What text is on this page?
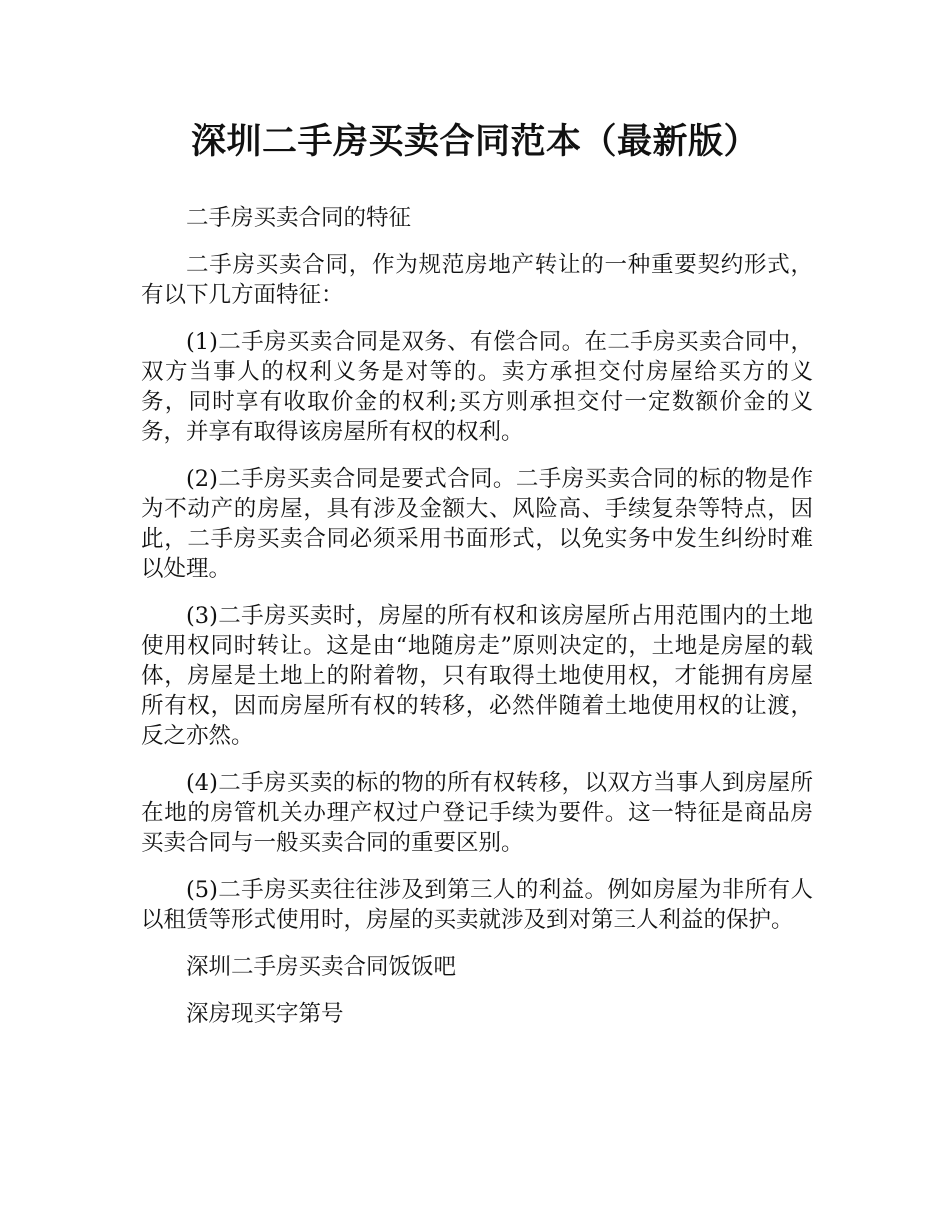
深圳二手房买卖合同范本（最新版）

二手房买卖合同的特征

二手房买卖合同，作为规范房地产转让的一种重要契约形式，有以下几方面特征：

(1)二手房买卖合同是双务、有偿合同。在二手房买卖合同中，双方当事人的权利义务是对等的。卖方承担交付房屋给买方的义务，同时享有收取价金的权利;买方则承担交付一定数额价金的义务，并享有取得该房屋所有权的权利。

(2)二手房买卖合同是要式合同。二手房买卖合同的标的物是作为不动产的房屋，具有涉及金额大、风险高、手续复杂等特点，因此，二手房买卖合同必须采用书面形式，以免实务中发生纠纷时难以处理。

(3)二手房买卖时，房屋的所有权和该房屋所占用范围内的土地使用权同时转让。这是由“地随房走”原则决定的，土地是房屋的载体，房屋是土地上的附着物，只有取得土地使用权，才能拥有房屋所有权，因而房屋所有权的转移，必然伴随着土地使用权的让渡，反之亦然。

(4)二手房买卖的标的物的所有权转移，以双方当事人到房屋所在地的房管机关办理产权过户登记手续为要件。这一特征是商品房买卖合同与一般买卖合同的重要区别。

(5)二手房买卖往往涉及到第三人的利益。例如房屋为非所有人以租赁等形式使用时，房屋的买卖就涉及到对第三人利益的保护。

深圳二手房买卖合同饭饭吧

深房现买字第号
